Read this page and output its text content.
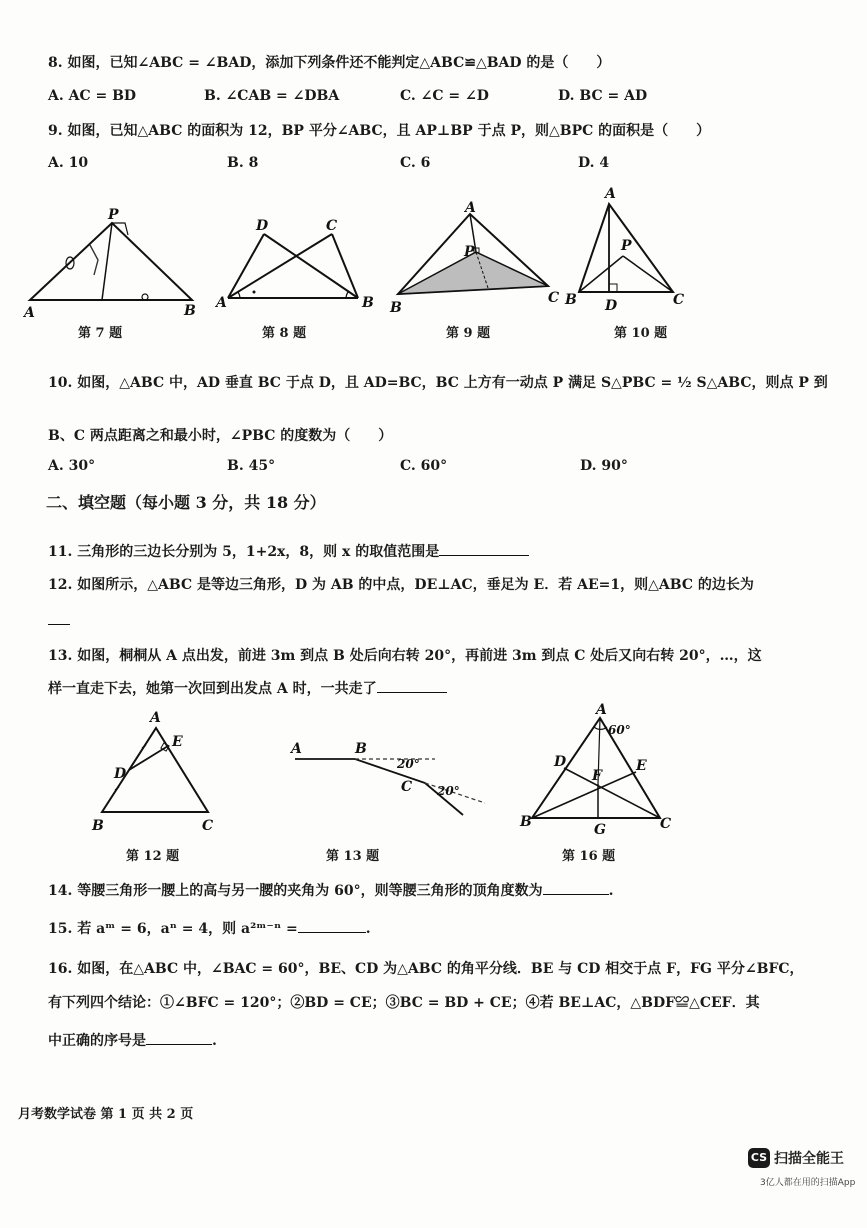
8. 如图，已知∠ABC = ∠BAD，添加下列条件还不能判定△ABC≌△BAD 的是（　　）
A. AC = BD	B. ∠CAB = ∠DBA	C. ∠C = ∠D	D. BC = AD
9. 如图，已知△ABC 的面积为 12，BP 平分∠ABC，且 AP⊥BP 于点 P，则△BPC 的面积是（　　）
A. 10	B. 8	C. 6	D. 4
P
A	B
第 7 题
D	C
A	B
第 8 题
A
P
B
C
第 9 题
A
P
B D	C
第 10 题
10. 如图，△ABC 中，AD 垂直 BC 于点 D，且 AD=BC，BC 上方有一动点 P 满足 S△PBC = ½ S△ABC，则点 P 到
B、C 两点距离之和最小时，∠PBC 的度数为（　　）
A. 30°	B. 45°	C. 60°	D. 90°
二、填空题（每小题 3 分，共 18 分）
11. 三角形的三边长分别为 5，1+2x，8，则 x 的取值范围是
12. 如图所示，△ABC 是等边三角形，D 为 AB 的中点，DE⊥AC，垂足为 E．若 AE=1，则△ABC 的边长为
13. 如图，桐桐从 A 点出发，前进 3m 到点 B 处后向右转 20°，再前进 3m 到点 C 处后又向右转 20°，…，这
样一直走下去，她第一次回到出发点 A 时，一共走了
A
E
D
B	C
第 12 题
A	B
C
20°
20°
第 13 题
A
60°
D	E
F
B	G	C
第 16 题
14. 等腰三角形一腰上的高与另一腰的夹角为 60°，则等腰三角形的顶角度数为	.
15. 若 aᵐ = 6，aⁿ = 4，则 a²ᵐ⁻ⁿ =	.
16. 如图，在△ABC 中，∠BAC = 60°，BE、CD 为△ABC 的角平分线．BE 与 CD 相交于点 F，FG 平分∠BFC，
有下列四个结论：①∠BFC = 120°；②BD = CE；③BC = BD + CE；④若 BE⊥AC，△BDF≌△CEF．其
中正确的序号是	.
月考数学试卷 第 1 页 共 2 页
CS 扫描全能王
3亿人都在用的扫描App
